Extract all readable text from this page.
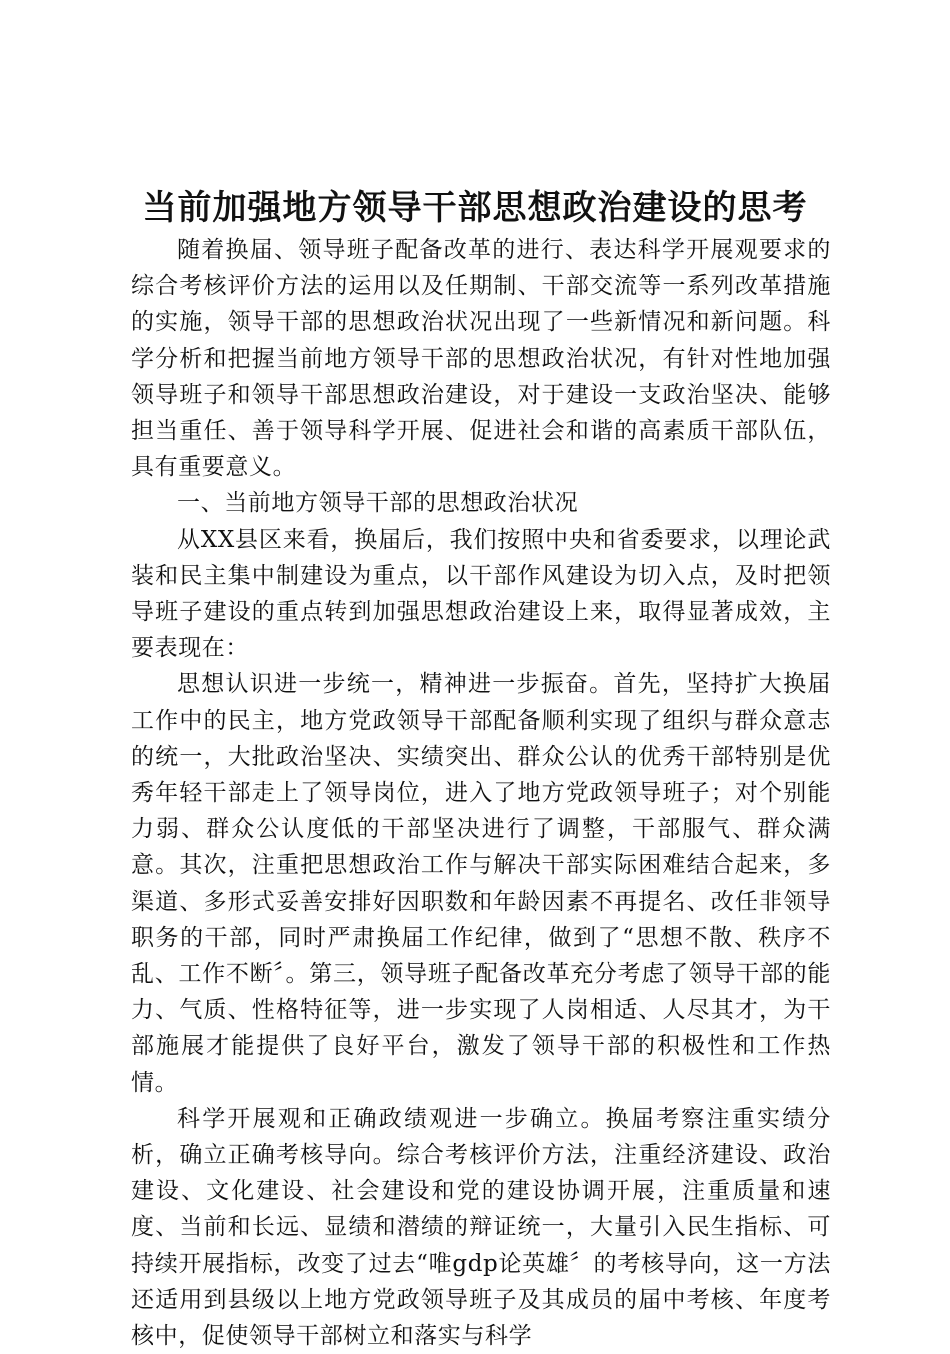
当前加强地方领导干部思想政治建设的思考

随着换届、领导班子配备改革的进行、表达科学开展观要求的综合考核评价方法的运用以及任期制、干部交流等一系列改革措施的实施，领导干部的思想政治状况出现了一些新情况和新问题。科学分析和把握当前地方领导干部的思想政治状况，有针对性地加强领导班子和领导干部思想政治建设，对于建设一支政治坚决、能够担当重任、善于领导科学开展、促进社会和谐的高素质干部队伍，具有重要意义。

一、当前地方领导干部的思想政治状况

从XX县区来看，换届后，我们按照中央和省委要求，以理论武装和民主集中制建设为重点，以干部作风建设为切入点，及时把领导班子建设的重点转到加强思想政治建设上来，取得显著成效，主要表现在：

思想认识进一步统一，精神进一步振奋。首先，坚持扩大换届工作中的民主，地方党政领导干部配备顺利实现了组织与群众意志的统一，大批政治坚决、实绩突出、群众公认的优秀干部特别是优秀年轻干部走上了领导岗位，进入了地方党政领导班子；对个别能力弱、群众公认度低的干部坚决进行了调整，干部服气、群众满意。其次，注重把思想政治工作与解决干部实际困难结合起来，多渠道、多形式妥善安排好因职数和年龄因素不再提名、改任非领导职务的干部，同时严肃换届工作纪律，做到了“思想不散、秩序不乱、工作不断〞。第三，领导班子配备改革充分考虑了领导干部的能力、气质、性格特征等，进一步实现了人岗相适、人尽其才，为干部施展才能提供了良好平台，激发了领导干部的积极性和工作热情。

科学开展观和正确政绩观进一步确立。换届考察注重实绩分析，确立正确考核导向。综合考核评价方法，注重经济建设、政治建设、文化建设、社会建设和党的建设协调开展，注重质量和速度、当前和长远、显绩和潜绩的辩证统一，大量引入民生指标、可持续开展指标，改变了过去“唯gdp论英雄〞的考核导向，这一方法还适用到县级以上地方党政领导班子及其成员的届中考核、年度考核中，促使领导干部树立和落实与科学
